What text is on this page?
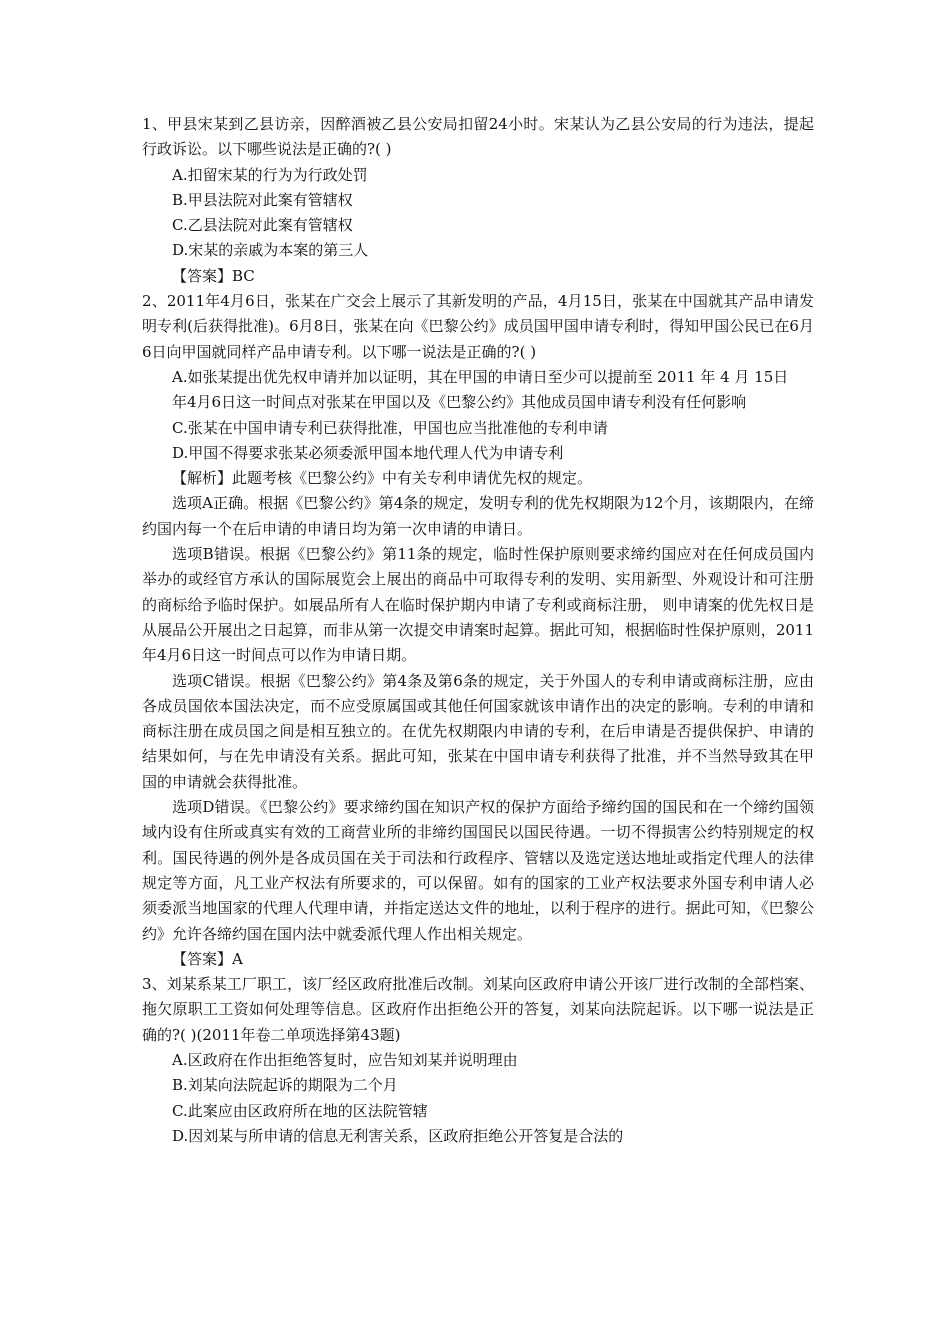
1、甲县宋某到乙县访亲，因醉酒被乙县公安局扣留24小时。宋某认为乙县公安局的行为违法，提起行政诉讼。以下哪些说法是正确的?( )

A.扣留宋某的行为为行政处罚

B.甲县法院对此案有管辖权

C.乙县法院对此案有管辖权

D.宋某的亲戚为本案的第三人

【答案】BC

2、2011年4月6日，张某在广交会上展示了其新发明的产品，4月15日，张某在中国就其产品申请发明专利(后获得批准)。6月8日，张某在向《巴黎公约》成员国甲国申请专利时，得知甲国公民已在6月6日向甲国就同样产品申请专利。以下哪一说法是正确的?( )

A.如张某提出优先权申请并加以证明，其在甲国的申请日至少可以提前至 2011 年 4 月 15日

年4月6日这一时间点对张某在甲国以及《巴黎公约》其他成员国申请专利没有任何影响

C.张某在中国申请专利已获得批准，甲国也应当批准他的专利申请

D.甲国不得要求张某必须委派甲国本地代理人代为申请专利

【解析】此题考核《巴黎公约》中有关专利申请优先权的规定。

选项A正确。根据《巴黎公约》第4条的规定，发明专利的优先权期限为12个月，该期限内，在缔约国内每一个在后申请的申请日均为第一次申请的申请日。

选项B错误。根据《巴黎公约》第11条的规定，临时性保护原则要求缔约国应对在任何成员国内举办的或经官方承认的国际展览会上展出的商品中可取得专利的发明、实用新型、外观设计和可注册的商标给予临时保护。如展品所有人在临时保护期内申请了专利或商标注册， 则申请案的优先权日是从展品公开展出之日起算，而非从第一次提交申请案时起算。据此可知，根据临时性保护原则，2011年4月6日这一时间点可以作为申请日期。

选项C错误。根据《巴黎公约》第4条及第6条的规定，关于外国人的专利申请或商标注册，应由各成员国依本国法决定，而不应受原属国或其他任何国家就该申请作出的决定的影响。专利的申请和商标注册在成员国之间是相互独立的。在优先权期限内申请的专利，在后申请是否提供保护、申请的结果如何，与在先申请没有关系。据此可知，张某在中国申请专利获得了批准，并不当然导致其在甲国的申请就会获得批准。

选项D错误。《巴黎公约》要求缔约国在知识产权的保护方面给予缔约国的国民和在一个缔约国领域内设有住所或真实有效的工商营业所的非缔约国国民以国民待遇。一切不得损害公约特别规定的权利。国民待遇的例外是各成员国在关于司法和行政程序、管辖以及选定送达地址或指定代理人的法律规定等方面，凡工业产权法有所要求的，可以保留。如有的国家的工业产权法要求外国专利申请人必须委派当地国家的代理人代理申请，并指定送达文件的地址，以利于程序的进行。据此可知，《巴黎公约》允许各缔约国在国内法中就委派代理人作出相关规定。

【答案】A

3、刘某系某工厂职工，该厂经区政府批准后改制。刘某向区政府申请公开该厂进行改制的全部档案、拖欠原职工工资如何处理等信息。区政府作出拒绝公开的答复，刘某向法院起诉。以下哪一说法是正确的?( )(2011年卷二单项选择第43题)

A.区政府在作出拒绝答复时，应告知刘某并说明理由

B.刘某向法院起诉的期限为二个月

C.此案应由区政府所在地的区法院管辖

D.因刘某与所申请的信息无利害关系，区政府拒绝公开答复是合法的
